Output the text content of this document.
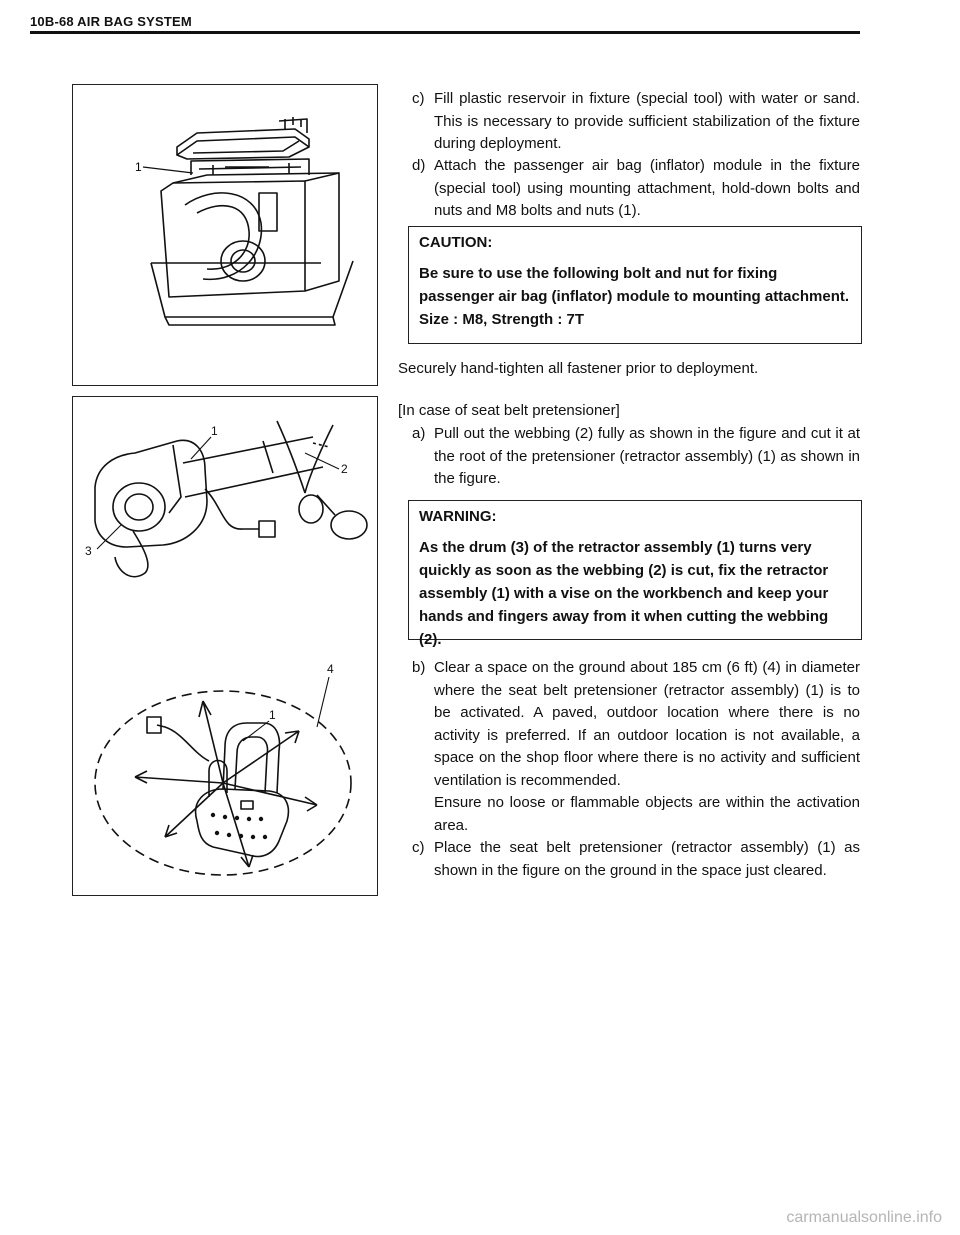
10B-68 AIR BAG SYSTEM
1
1
2
3
1
4
c) Fill plastic reservoir in fixture (special tool) with water or sand. This is necessary to provide sufficient stabilization of the fixture during deployment.
d) Attach the passenger air bag (inflator) module in the fixture (special tool) using mounting attachment, hold-down bolts and nuts and M8 bolts and nuts (1).
CAUTION:
Be sure to use the following bolt and nut for fixing passenger air bag (inflator) module to mounting attachment.
Size : M8, Strength : 7T
Securely hand-tighten all fastener prior to deployment.
[In case of seat belt pretensioner]
a) Pull out the webbing (2) fully as shown in the figure and cut it at the root of the pretensioner (retractor assembly) (1) as shown in the figure.
WARNING:
As the drum (3) of the retractor assembly (1) turns very quickly as soon as the webbing (2) is cut, fix the retractor assembly (1) with a vise on the workbench and keep your hands and fingers away from it when cutting the webbing (2).
b) Clear a space on the ground about 185 cm (6 ft) (4) in diameter where the seat belt pretensioner (retractor assembly) (1) is to be activated. A paved, outdoor location where there is no activity is preferred. If an outdoor location is not available, a space on the shop floor where there is no activity and sufficient ventilation is recommended.
Ensure no loose or flammable objects are within the activation area.
c) Place the seat belt pretensioner (retractor assembly) (1) as shown in the figure on the ground in the space just cleared.
carmanualsonline.info
